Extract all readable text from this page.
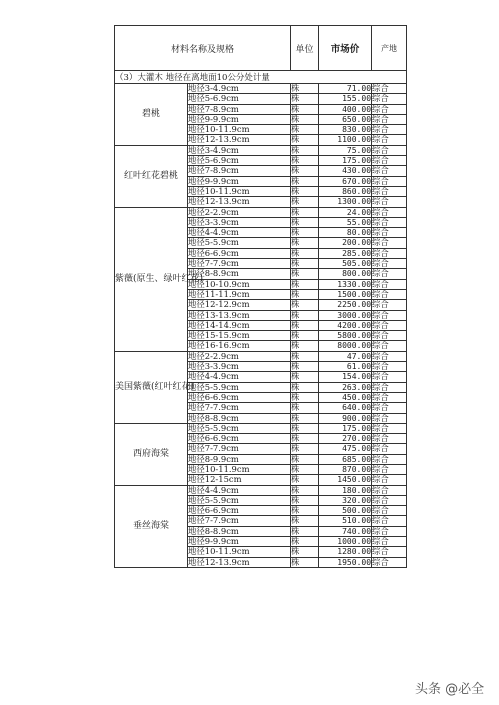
材料名称及规格		单位	市场价	产地
（3）大灌木 地径在离地面10公分处计量				
碧桃	地径3-4.9cm	株	71.00	综合
	地径5-6.9cm	株	155.00	综合
	地径7-8.9cm	株	400.00	综合
	地径9-9.9cm	株	650.00	综合
	地径10-11.9cm	株	830.00	综合
	地径12-13.9cm	株	1100.00	综合
红叶红花碧桃	地径3-4.9cm	株	75.00	综合
	地径5-6.9cm	株	175.00	综合
	地径7-8.9cm	株	430.00	综合
	地径9-9.9cm	株	670.00	综合
	地径10-11.9cm	株	860.00	综合
	地径12-13.9cm	株	1300.00	综合
紫薇(原生、绿叶红花)	地径2-2.9cm	株	24.00	综合
	地径3-3.9cm	株	55.00	综合
	地径4-4.9cm	株	80.00	综合
	地径5-5.9cm	株	200.00	综合
	地径6-6.9cm	株	285.00	综合
	地径7-7.9cm	株	505.00	综合
	地径8-8.9cm	株	800.00	综合
	地径10-10.9cm	株	1330.00	综合
	地径11-11.9cm	株	1500.00	综合
	地径12-12.9cm	株	2250.00	综合
	地径13-13.9cm	株	3000.00	综合
	地径14-14.9cm	株	4200.00	综合
	地径15-15.9cm	株	5800.00	综合
	地径16-16.9cm	株	8000.00	综合
美国紫薇(红叶红花)	地径2-2.9cm	株	47.00	综合
	地径3-3.9cm	株	61.00	综合
	地径4-4.9cm	株	154.00	综合
	地径5-5.9cm	株	263.00	综合
	地径6-6.9cm	株	450.00	综合
	地径7-7.9cm	株	640.00	综合
	地径8-8.9cm	株	900.00	综合
西府海棠	地径5-5.9cm	株	175.00	综合
	地径6-6.9cm	株	270.00	综合
	地径7-7.9cm	株	475.00	综合
	地径8-9.9cm	株	685.00	综合
	地径10-11.9cm	株	870.00	综合
	地径12-15cm	株	1450.00	综合
垂丝海棠	地径4-4.9cm	株	180.00	综合
	地径5-5.9cm	株	320.00	综合
	地径6-6.9cm	株	500.00	综合
	地径7-7.9cm	株	510.00	综合
	地径8-8.9cm	株	740.00	综合
	地径9-9.9cm	株	1000.00	综合
	地径10-11.9cm	株	1280.00	综合
	地径12-13.9cm	株	1950.00	综合
头条 @必全
